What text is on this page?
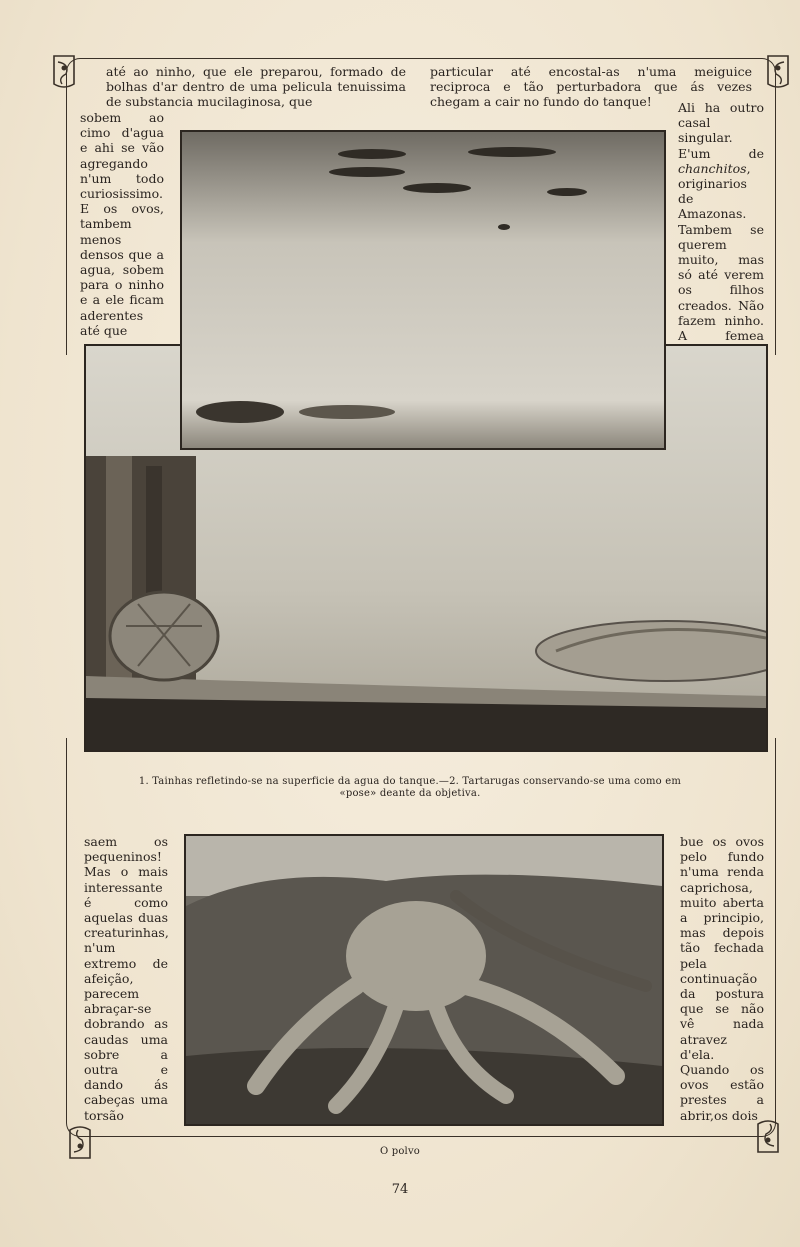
até ao ninho, que ele preparou, formado de bolhas d'ar dentro de uma pelicula tenuissima de substancia mucilaginosa, que

particular até encostal-as n'uma meiguice reciproca e tão perturbadora que ás vezes chegam a cair no fundo do tanque!

sobem ao cimo d'agua e ahi se vão agregando n'um todo curiosissimo. E os ovos, tambem menos densos que a agua, sobem para o ninho e a ele ficam aderentes até que

Ali ha outro casal singular. E'um de chanchitos, originarios de Amazonas. Tambem se querem muito, mas só até verem os filhos creados. Não fazem ninho. A femea

1. Tainhas refletindo-se na superficie da agua do tanque.—2. Tartarugas conservando-se uma como em «pose» deante da objetiva.

saem os pequeninos! Mas o mais interessante é como aquelas duas creaturinhas, n'um extremo de afeição, parecem abraçar-se dobrando as caudas uma sobre a outra e dando ás cabeças uma torsão

bue os ovos pelo fundo n'uma renda caprichosa, muito aberta a principio, mas depois tão fechada pela continuação da postura que se não vê nada atravez d'ela. Quando os ovos estão prestes a abrir,os dois

O polvo
74
